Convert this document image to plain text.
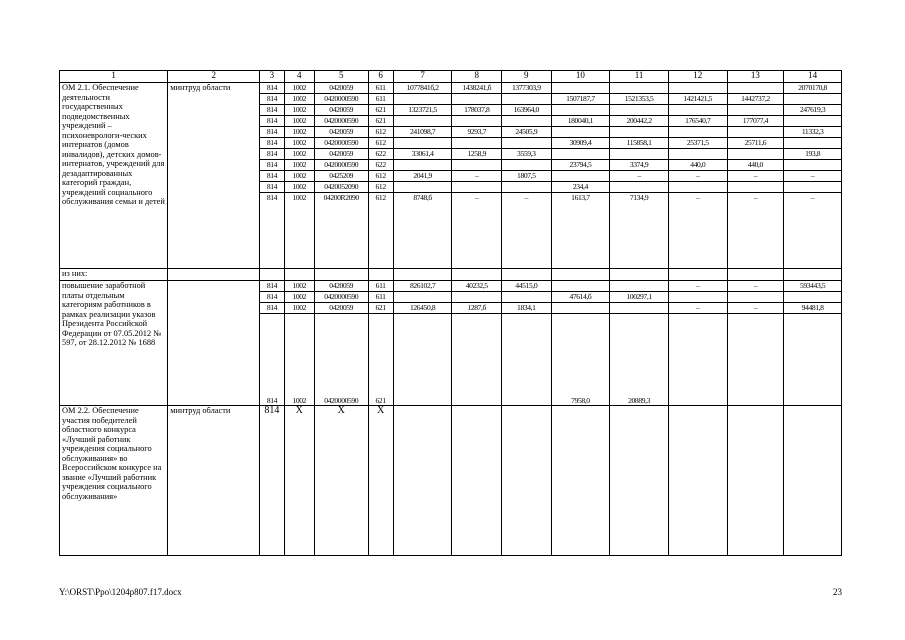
1	2	3	4	5	6	7	8	9	10	11	12	13	14
ОМ 2.1. Обеспечение деятельности государственных подведомственных учреждений – психоневрологи-ческих интернатов (домов инвалидов), детских домов-интернатов, учреждений для дезадаптированных категорий граждан, учреждений социального обслуживания семьи и детей	минтруд области	814	1002	0420059	611	1077841б,2	1438241,б	1377303,9					2070170,8
		814	1002	0420000590	611				1507187,7	1521353,5	1421421,5	1442737,2	
		814	1002	0420059	621	1323721,5	178037,8	163964,0					247619,3
		814	1002	0420000590	621				180040,1	200442,2	176540,7	177077,4	
		814	1002	0420059	612	241098,7	9293,7	24505,9					11332,3
		814	1002	0420000590	612				30909,4	115858,1	25371,5	25711,6	
		814	1002	0420059	622	33061,4	1258,9	3559,3					193,8
		814	1002	0420000590	622				23794,5	3374,9	440,0	440,0	
		814	1002	0425209	612	2041,9	–	1807,5		–	–	–	–
		814	1002	0420052090	612				234,4				
		814	1002	04200R2090	612	8748,б	–	–	1613,7	7134,9	–	–	–
из них:													
повышение заработной платы отдельным категориям работников в рамках реализации указов Президента Российской Федерации от 07.05.2012 № 597, от 28.12.2012 № 1688		814	1002	0420059	611	826102,7	40232,5	44515,0			–	–	593443,5
		814	1002	0420000590	611				47614,б	100297,1			
		814	1002	0420059	621	126450,8	1287,б	1834,1			–	–	94481,8
		814	1002	0420000590	621				7958,0	20889,3			
ОМ 2.2. Обеспечение участия победителей областного конкурса «Лучший работник учреждения социального обслуживания» во Всероссийском конкурсе на звание «Лучший работник учреждения социального обслуживания»	минтруд области	814	X	X	X								
Y:\ORST\Ppo\1204p807.f17.docx	23
